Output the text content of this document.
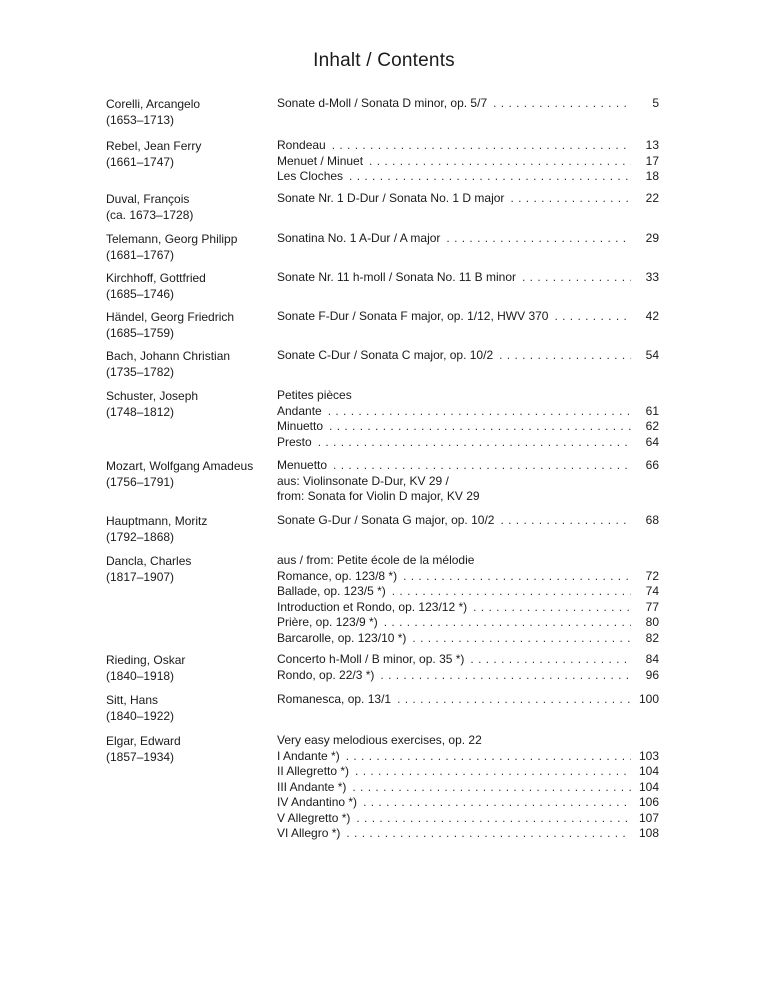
Inhalt / Contents
Corelli, Arcangelo
(1653–1713)
Sonate d-Moll / Sonata D minor, op. 5/7 . . .	5
Rebel, Jean Ferry
(1661–1747)
Rondeau . . .	13
Menuet / Minuet . . .	17
Les Cloches . . .	18
Duval, François
(ca. 1673–1728)
Sonate Nr. 1 D-Dur / Sonata No. 1 D major . . .	22
Telemann, Georg Philipp
(1681–1767)
Sonatina No. 1 A-Dur / A major . . .	29
Kirchhoff, Gottfried
(1685–1746)
Sonate Nr. 11 h-moll / Sonata No. 11 B minor . . .	33
Händel, Georg Friedrich
(1685–1759)
Sonate F-Dur / Sonata F major, op. 1/12, HWV 370 . . .	42
Bach, Johann Christian
(1735–1782)
Sonate C-Dur / Sonata C major, op. 10/2 . . .	54
Schuster, Joseph
(1748–1812)
Petites pièces
Andante . . .	61
Minuetto . . .	62
Presto . . .	64
Mozart, Wolfgang Amadeus
(1756–1791)
Menuetto . . .	66
aus: Violinsonate D-Dur, KV 29 /
from: Sonata for Violin D major, KV 29
Hauptmann, Moritz
(1792–1868)
Sonate G-Dur / Sonata G major, op. 10/2 . . .	68
Dancla, Charles
(1817–1907)
aus / from: Petite école de la mélodie
Romance, op. 123/8 *) . . .	72
Ballade, op. 123/5 *) . . .	74
Introduction et Rondo, op. 123/12 *) . . .	77
Prière, op. 123/9 *) . . .	80
Barcarolle, op. 123/10 *) . . .	82
Rieding, Oskar
(1840–1918)
Concerto h-Moll / B minor, op. 35 *) . . .	84
Rondo, op. 22/3 *) . . .	96
Sitt, Hans
(1840–1922)
Romanesca, op. 13/1 . . .	100
Elgar, Edward
(1857–1934)
Very easy melodious exercises, op. 22
I Andante *) . . .	103
II Allegretto *) . . .	104
III Andante *) . . .	104
IV Andantino *) . . .	106
V Allegretto *) . . .	107
VI Allegro *) . . .	108
